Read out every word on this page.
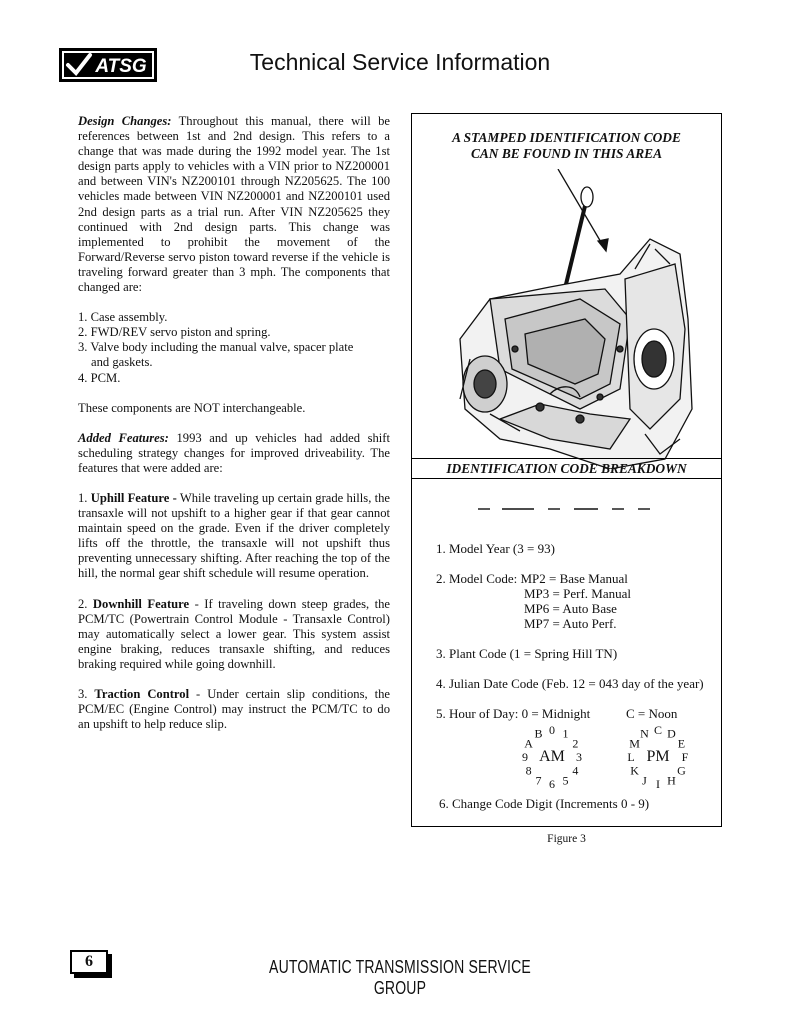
ATSG	Technical Service Information

Design Changes: Throughout this manual, there will be references between 1st and 2nd design. This refers to a change that was made during the 1992 model year. The 1st design parts apply to vehicles with a VIN prior to NZ200001 and between VIN's NZ200101 through NZ205625. The 100 vehicles made between VIN NZ200001 and NZ200101 used 2nd design parts as a trial run. After VIN NZ205625 they continued with 2nd design parts. This change was implemented to prohibit the movement of the Forward/Reverse servo piston toward reverse if the vehicle is traveling forward greater than 3 mph. The components that changed are:

1. Case assembly.
2. FWD/REV servo piston and spring.
3. Valve body including the manual valve, spacer plate
and gaskets.
4. PCM.

These components are NOT interchangeable.

Added Features: 1993 and up vehicles had added shift scheduling strategy changes for improved driveability. The features that were added are:

1. Uphill Feature - While traveling up certain grade hills, the transaxle will not upshift to a higher gear if that gear cannot maintain speed on the grade. Even if the driver completely lifts off the throttle, the transaxle will not upshift thus preventing unnecessary shifting. After reaching the top of the hill, the normal gear shift schedule will resume operation.

2. Downhill Feature - If traveling down steep grades, the PCM/TC (Powertrain Control Module - Transaxle Control) may automatically select a lower gear. This system assist engine braking, reduces transaxle shifting, and reduces braking required while going downhill.

3. Traction Control - Under certain slip conditions, the PCM/EC (Engine Control) may instruct the PCM/TC to do an upshift to help reduce slip.

A STAMPED IDENTIFICATION CODE
CAN BE FOUND IN THIS AREA
IDENTIFICATION CODE BREAKDOWN
1. Model Year (3 = 93)
2. Model Code: MP2 = Base Manual
MP3 = Perf. Manual
MP6 = Auto Base
MP7 = Auto Perf.
3. Plant Code (1 = Spring Hill TN)
4. Julian Date Code (Feb. 12 = 043 day of the year)
5. Hour of Day: 0 = Midnight	C = Noon
0 1
2
3
4
5
6
7
8
9
A
B
AM
C D
E
F
G
H
I
J
K
L
M
N
PM
6. Change Code Digit (Increments 0 - 9)
Figure 3
6	AUTOMATIC TRANSMISSION SERVICE GROUP
